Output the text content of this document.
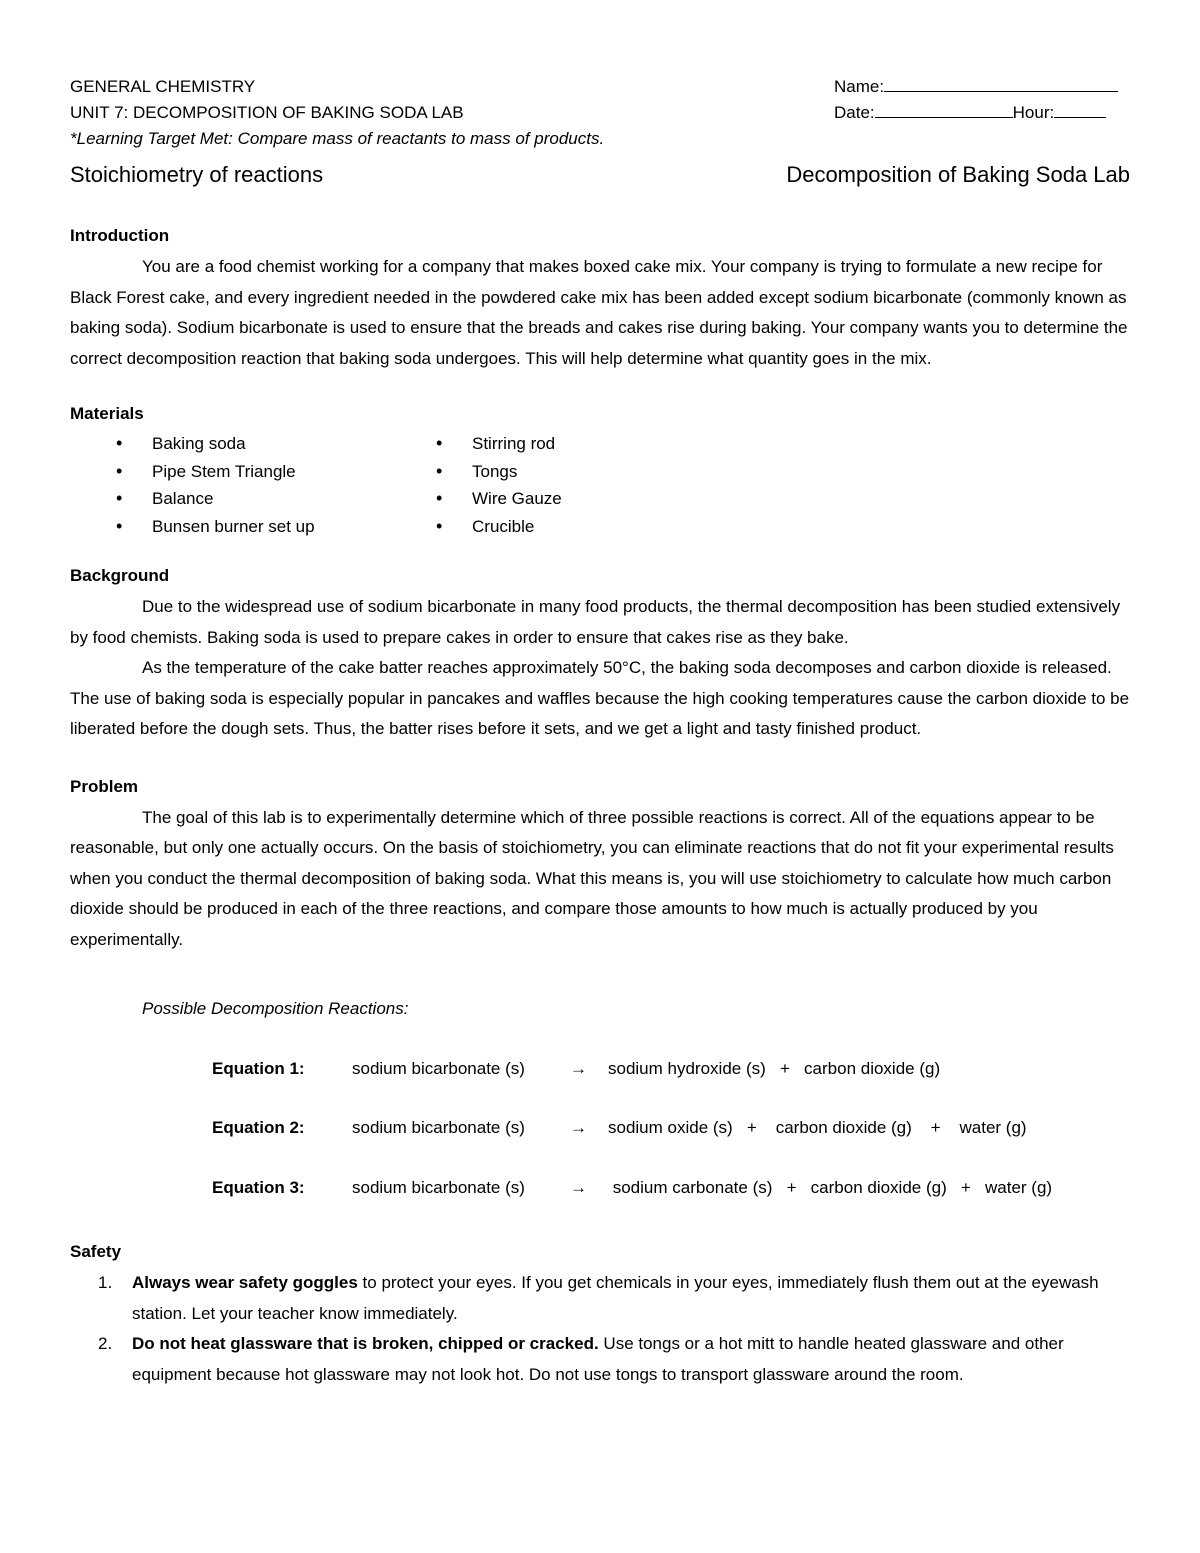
GENERAL CHEMISTRY	Name:
UNIT 7: DECOMPOSITION OF BAKING SODA LAB	Date:	Hour:
*Learning Target Met: Compare mass of reactants to mass of products.
Stoichiometry of reactions	Decomposition of Baking Soda Lab
Introduction

You are a food chemist working for a company that makes boxed cake mix. Your company is trying to formulate a new recipe for Black Forest cake, and every ingredient needed in the powdered cake mix has been added except sodium bicarbonate (commonly known as baking soda). Sodium bicarbonate is used to ensure that the breads and cakes rise during baking. Your company wants you to determine the correct decomposition reaction that baking soda undergoes. This will help determine what quantity goes in the mix.

Materials
• Baking soda
• Pipe Stem Triangle
• Balance
• Bunsen burner set up
• Stirring rod
• Tongs
• Wire Gauze
• Crucible
Background

Due to the widespread use of sodium bicarbonate in many food products, the thermal decomposition has been studied extensively by food chemists. Baking soda is used to prepare cakes in order to ensure that cakes rise as they bake.

As the temperature of the cake batter reaches approximately 50°C, the baking soda decomposes and carbon dioxide is released. The use of baking soda is especially popular in pancakes and waffles because the high cooking temperatures cause the carbon dioxide to be liberated before the dough sets. Thus, the batter rises before it sets, and we get a light and tasty finished product.

Problem

The goal of this lab is to experimentally determine which of three possible reactions is correct. All of the equations appear to be reasonable, but only one actually occurs. On the basis of stoichiometry, you can eliminate reactions that do not fit your experimental results when you conduct the thermal decomposition of baking soda. What this means is, you will use stoichiometry to calculate how much carbon dioxide should be produced in each of the three reactions, and compare those amounts to how much is actually produced by you experimentally.

Possible Decomposition Reactions:
Equation 1:	sodium bicarbonate (s)	→	sodium hydroxide (s)   +   carbon dioxide (g)
Equation 2:	sodium bicarbonate (s)	→	sodium oxide (s)   +    carbon dioxide (g)    +    water (g)
Equation 3:	sodium bicarbonate (s)	→	sodium carbonate (s)   +   carbon dioxide (g)   +   water (g)
Safety
1. Always wear safety goggles to protect your eyes. If you get chemicals in your eyes, immediately flush them out at the eyewash station. Let your teacher know immediately.
2. Do not heat glassware that is broken, chipped or cracked. Use tongs or a hot mitt to handle heated glassware and other equipment because hot glassware may not look hot. Do not use tongs to transport glassware around the room.
